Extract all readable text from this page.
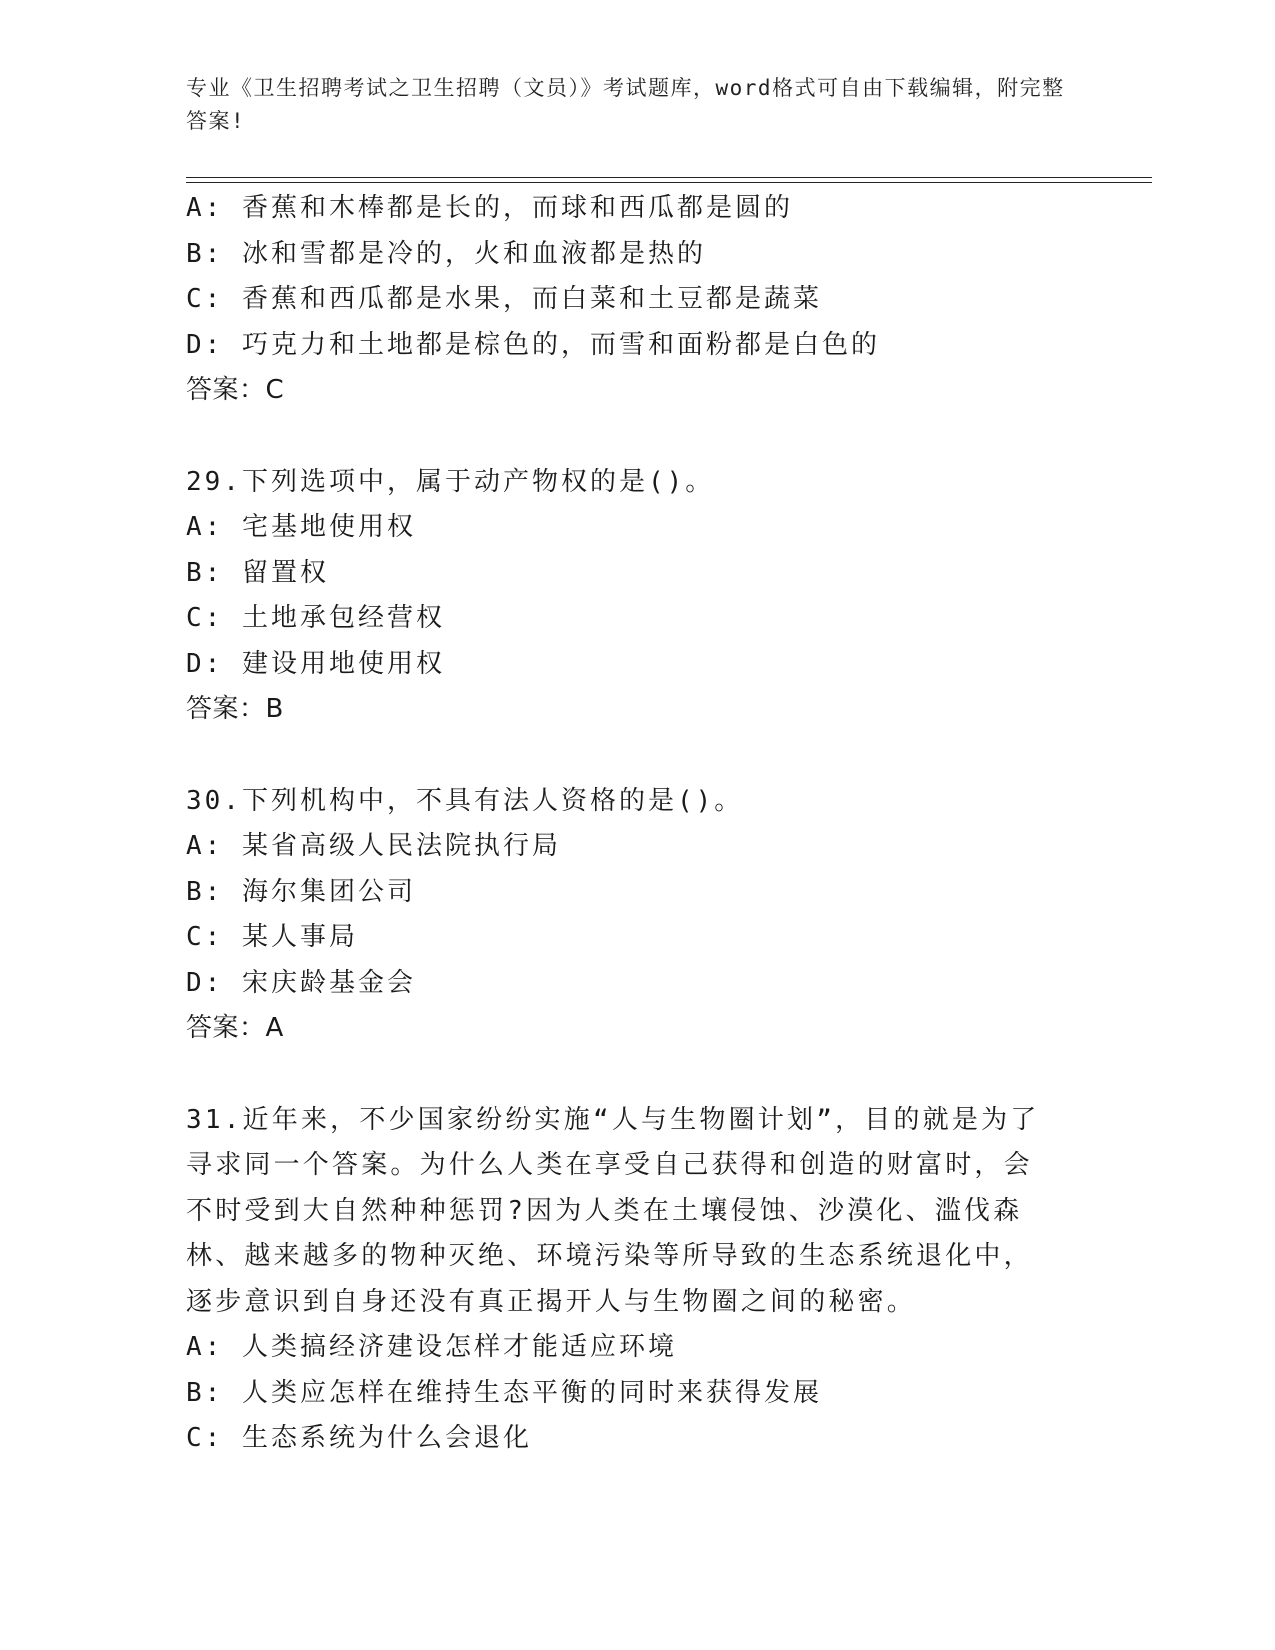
专业《卫生招聘考试之卫生招聘（文员）》考试题库，word格式可自由下载编辑，附完整答案!
A: 香蕉和木棒都是长的，而球和西瓜都是圆的
B: 冰和雪都是冷的，火和血液都是热的
C: 香蕉和西瓜都是水果，而白菜和土豆都是蔬菜
D: 巧克力和土地都是棕色的，而雪和面粉都是白色的
答案：C
29.下列选项中，属于动产物权的是()。
A: 宅基地使用权
B: 留置权
C: 土地承包经营权
D: 建设用地使用权
答案：B
30.下列机构中，不具有法人资格的是()。
A: 某省高级人民法院执行局
B: 海尔集团公司
C: 某人事局
D: 宋庆龄基金会
答案：A
31.近年来，不少国家纷纷实施“人与生物圈计划”，目的就是为了寻求同一个答案。为什么人类在享受自己获得和创造的财富时，会不时受到大自然种种惩罚?因为人类在土壤侵蚀、沙漠化、滥伐森林、越来越多的物种灭绝、环境污染等所导致的生态系统退化中，逐步意识到自身还没有真正揭开人与生物圈之间的秘密。
A: 人类搞经济建设怎样才能适应环境
B: 人类应怎样在维持生态平衡的同时来获得发展
C: 生态系统为什么会退化
